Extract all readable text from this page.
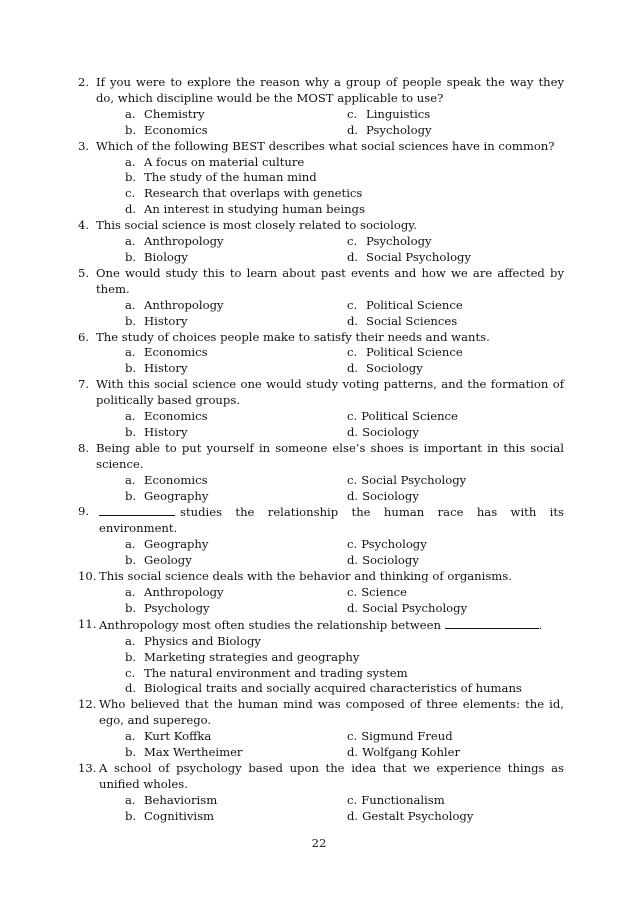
2. If you were to explore the reason why a group of people speak the way they do, which discipline would be the MOST applicable to use?
a. Chemistry	c. Linguistics
b. Economics	d. Psychology
3. Which of the following BEST describes what social sciences have in common?
a. A focus on material culture
b. The study of the human mind
c. Research that overlaps with genetics
d. An interest in studying human beings
4. This social science is most closely related to sociology.
a. Anthropology	c. Psychology
b. Biology	d. Social Psychology
5. One would study this to learn about past events and how we are affected by them.
a. Anthropology	c. Political Science
b. History	d. Social Sciences
6. The study of choices people make to satisfy their needs and wants.
a. Economics	c. Political Science
b. History	d. Sociology
7. With this social science one would study voting patterns, and the formation of politically based groups.
a. Economics	c. Political Science
b. History	d. Sociology
8. Being able to put yourself in someone else’s shoes is important in this social science.
a. Economics	c. Social Psychology
b. Geography	d. Sociology
9.	studies the relationship the human race has with its environment.
a. Geography	c. Psychology
b. Geology	d. Sociology
10. This social science deals with the behavior and thinking of organisms.
a. Anthropology	c. Science
b. Psychology	d. Social Psychology
11. Anthropology most often studies the relationship between	.
a. Physics and Biology
b. Marketing strategies and geography
c. The natural environment and trading system
d. Biological traits and socially acquired characteristics of humans
12. Who believed that the human mind was composed of three elements: the id, ego, and superego.
a. Kurt Koffka	c. Sigmund Freud
b. Max Wertheimer	d. Wolfgang Kohler
13. A school of psychology based upon the idea that we experience things as unified wholes.
a. Behaviorism	c. Functionalism
b. Cognitivism	d. Gestalt Psychology
22
